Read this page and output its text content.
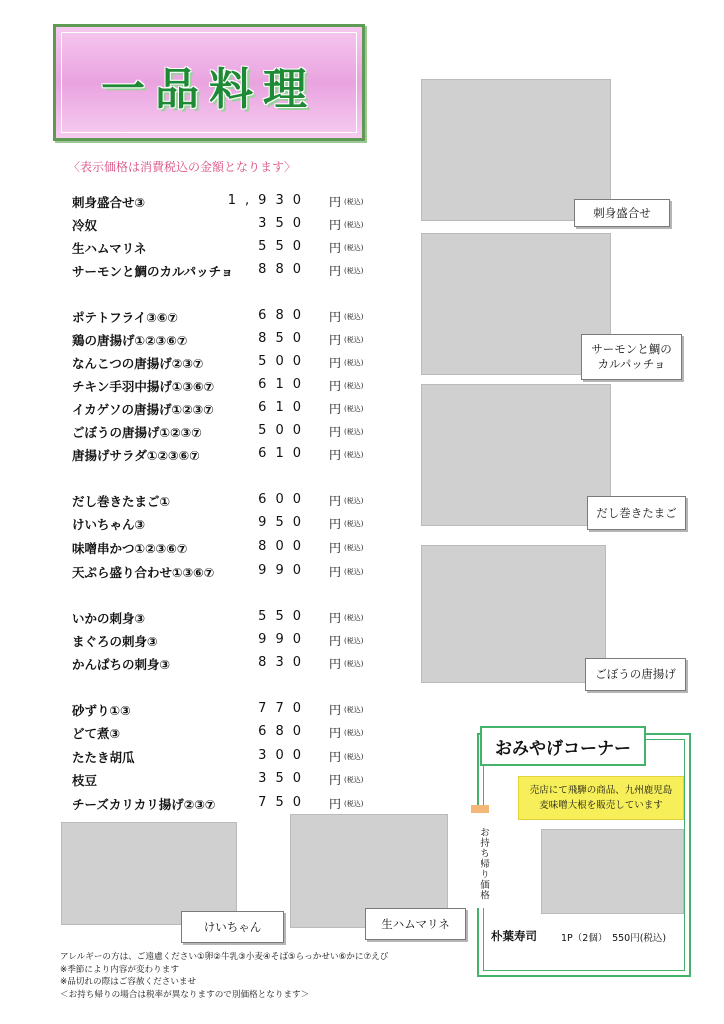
一品料理
〈表示価格は消費税込の金額となります〉
刺身盛合せ③	1,930 円 (税込)
冷奴	350 円 (税込)
生ハムマリネ	550 円 (税込)
サーモンと鯛のカルパッチョ 880 円 (税込)
ポテトフライ③⑥⑦	680 円 (税込)
鶏の唐揚げ①②③⑥⑦	850 円 (税込)
なんこつの唐揚げ②③⑦	500 円 (税込)
チキン手羽中揚げ①③⑥⑦	610 円 (税込)
イカゲソの唐揚げ①②③⑦	610 円 (税込)
ごぼうの唐揚げ①②③⑦	500 円 (税込)
唐揚げサラダ①②③⑥⑦	610 円 (税込)
だし巻きたまご①	600 円 (税込)
けいちゃん③	950 円 (税込)
味噌串かつ①②③⑥⑦	800 円 (税込)
天ぷら盛り合わせ①③⑥⑦	990 円 (税込)
いかの刺身③	550 円 (税込)
まぐろの刺身③	990 円 (税込)
かんぱちの刺身③	830 円 (税込)
砂ずり①③	770 円 (税込)
どて煮③	680 円 (税込)
たたき胡瓜	300 円 (税込)
枝豆	350 円 (税込)
チーズカリカリ揚げ②③⑦	750 円 (税込)
刺身盛合せ
サーモンと鯛の
カルパッチョ
だし巻きたまご
ごぼうの唐揚げ
けいちゃん	生ハムマリネ
おみやげコーナー
売店にて飛騨の商品、九州鹿児島
麦味噌大根を販売しています
お持ち帰り価格
朴葉寿司	1P（2個）　550円(税込)
アレルギーの方は、ご遠慮ください①卵②牛乳③小麦④そば⑤らっかせい⑥かに⑦えび
※季節により内容が変わります
※品切れの際はご容赦くださいませ
＜お持ち帰りの場合は税率が異なりますので別価格となります＞
